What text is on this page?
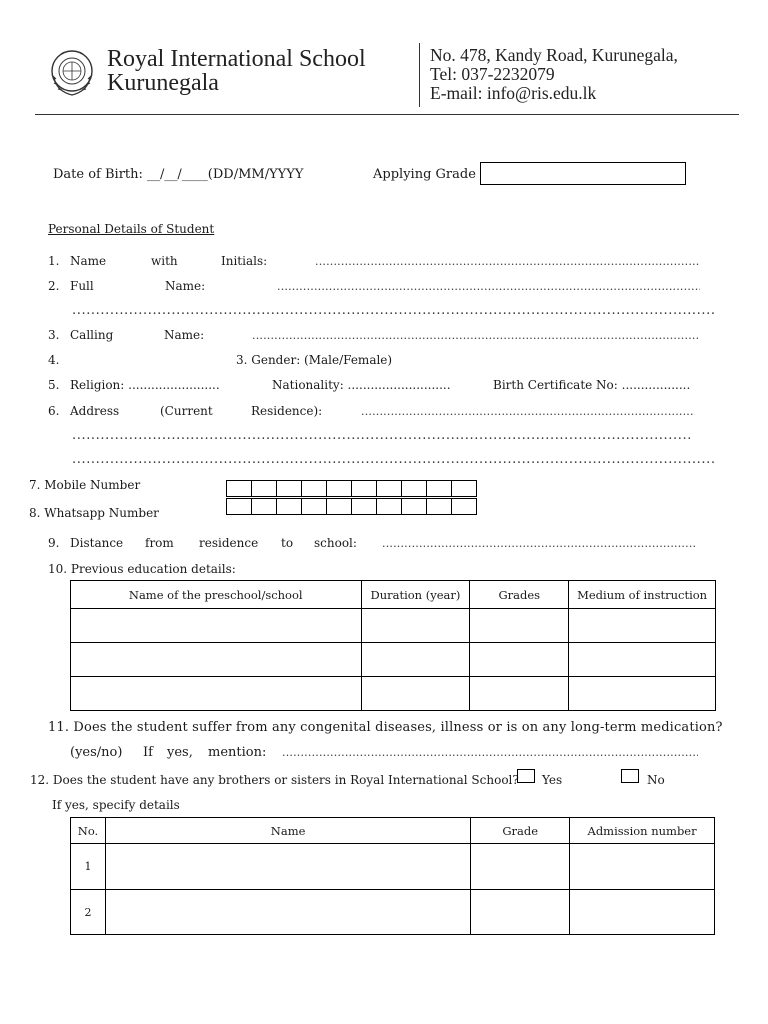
Royal International School
Kurunegala
No. 478, Kandy Road, Kurunegala,
Tel: 037-2232079
E-mail: info@ris.edu.lk
Date of Birth: __/__/____(DD/MM/YYYY	Applying Grade
Personal Details of Student
1. Name	with	Initials:
.....
2. Full	Name:
.....
.....
3. Calling	Name:
.....
4.	3. Gender: (Male/Female)
5. Religion: ........................	Nationality: ...........................	Birth Certificate No: ..................
6. Address	(Current	Residence):
.....
.....
.....
7. Mobile Number

8. Whatsapp Number

9. Distance from residence to school:
.....
10. Previous education details:
Name of the preschool/school	Duration (year)	Grades	Medium of instruction

11. Does the student suffer from any congenital diseases, illness or is on any long-term medication?
(yes/no) If yes, mention:
.....
12. Does the student have any brothers or sisters in Royal International School? Yes	No
If yes, specify details
No.	Name	Grade	Admission number
1			
2			
